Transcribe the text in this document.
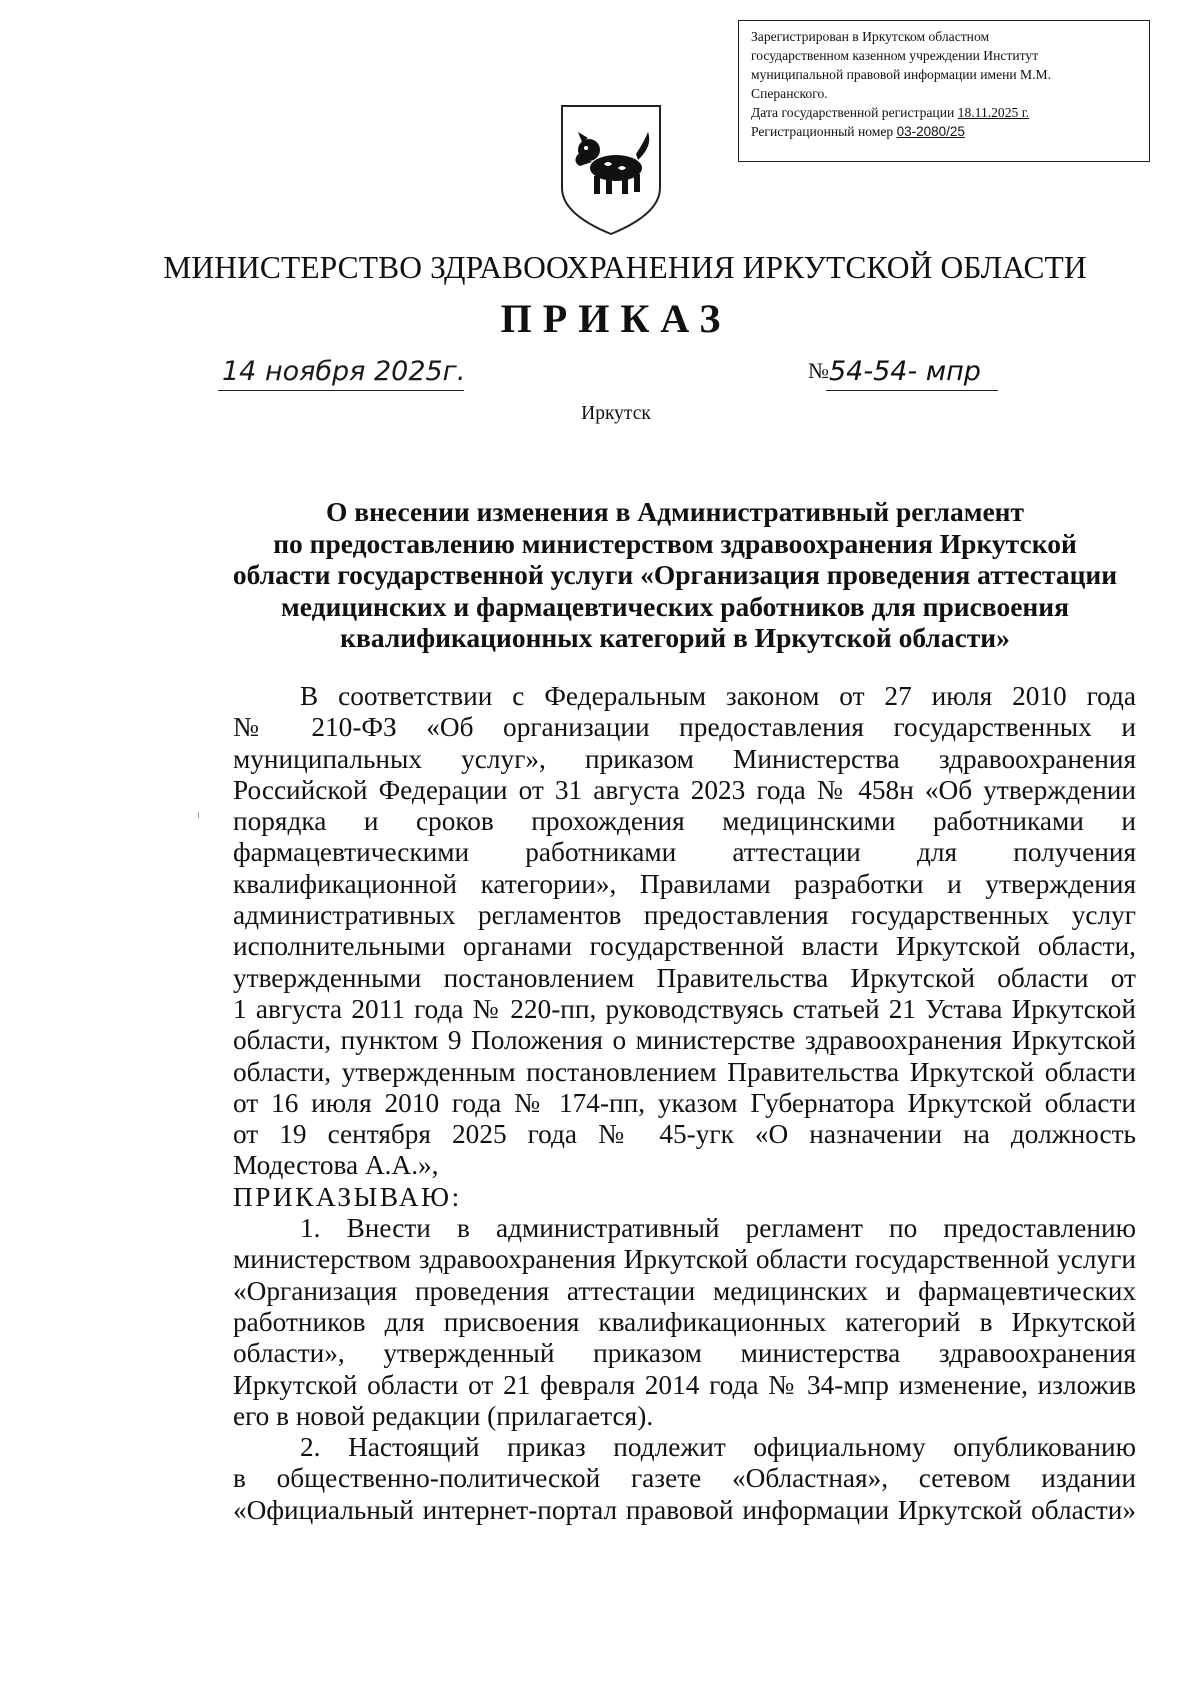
Зарегистрирован в Иркутском областном
государственном казенном учреждении Институт
муниципальной правовой информации имени М.М.
Сперанского.
Дата государственной регистрации 18.11.2025 г.
Регистрационный номер 03-2080/25
МИНИСТЕРСТВО ЗДРАВООХРАНЕНИЯ ИРКУТСКОЙ ОБЛАСТИ
ПРИКАЗ
14 ноября 2025г.	№54-54- мпр
Иркутск
О внесении изменения в Административный регламент
по предоставлению министерством здравоохранения Иркутской
области государственной услуги «Организация проведения аттестации
медицинских и фармацевтических работников для присвоения
квалификационных категорий в Иркутской области»
В соответствии с Федеральным законом от 27 июля 2010 года
№ 210-ФЗ «Об организации предоставления государственных и
муниципальных услуг», приказом Министерства здравоохранения
Российской Федерации от 31 августа 2023 года № 458н «Об утверждении
порядка и сроков прохождения медицинскими работниками и
фармацевтическими работниками аттестации для получения
квалификационной категории», Правилами разработки и утверждения
административных регламентов предоставления государственных услуг
исполнительными органами государственной власти Иркутской области,
утвержденными постановлением Правительства Иркутской области от
1 августа 2011 года № 220-пп, руководствуясь статьей 21 Устава Иркутской
области, пунктом 9 Положения о министерстве здравоохранения Иркутской
области, утвержденным постановлением Правительства Иркутской области
от 16 июля 2010 года № 174-пп, указом Губернатора Иркутской области
от 19 сентября 2025 года № 45-угк «О назначении на должность
Модестова А.А.»,
ПРИКАЗЫВАЮ:
1. Внести в административный регламент по предоставлению
министерством здравоохранения Иркутской области государственной услуги
«Организация проведения аттестации медицинских и фармацевтических
работников для присвоения квалификационных категорий в Иркутской
области», утвержденный приказом министерства здравоохранения
Иркутской области от 21 февраля 2014 года № 34-мпр изменение, изложив
его в новой редакции (прилагается).
2. Настоящий приказ подлежит официальному опубликованию
в общественно-политической газете «Областная», сетевом издании
«Официальный интернет-портал правовой информации Иркутской области»
